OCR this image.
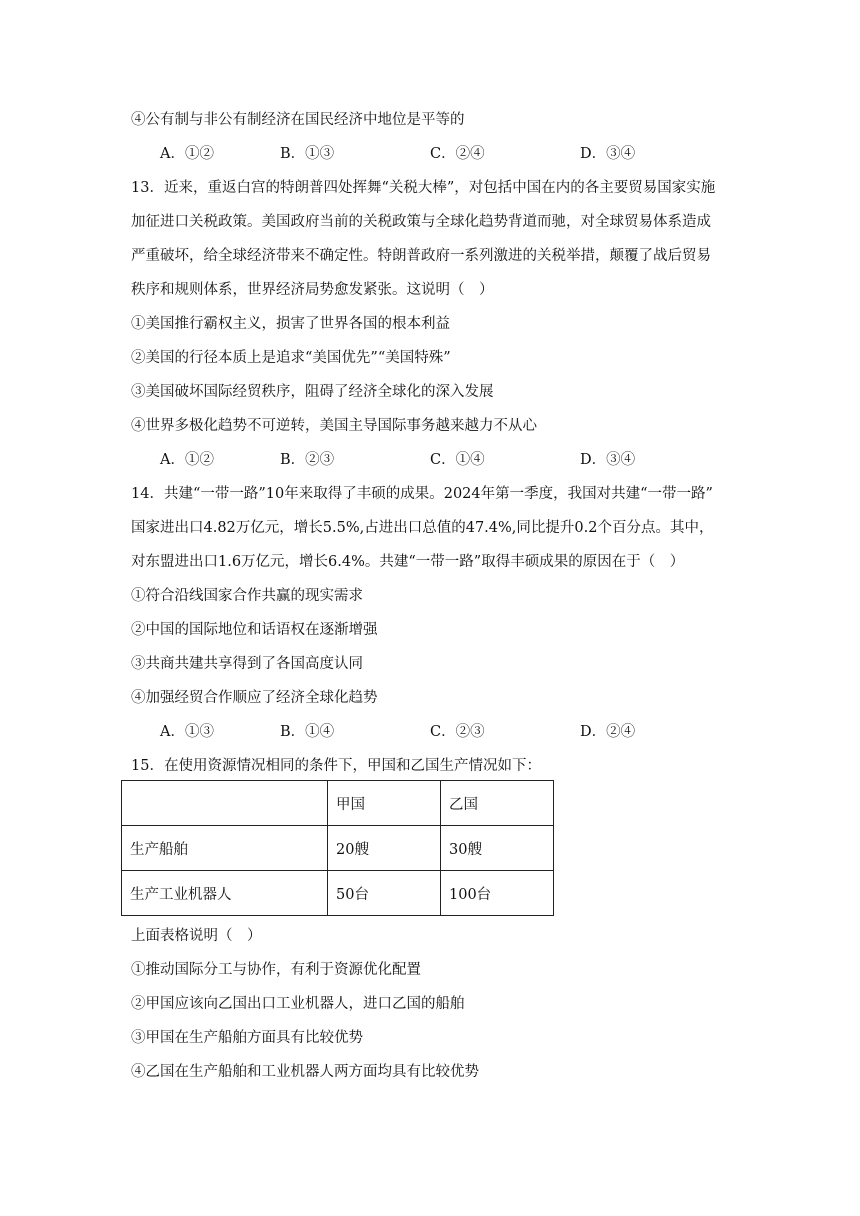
④公有制与非公有制经济在国民经济中地位是平等的
A．①②	B．①③	C．②④	D．③④
13．近来，重返白宫的特朗普四处挥舞“关税大棒”，对包括中国在内的各主要贸易国家实施
加征进口关税政策。美国政府当前的关税政策与全球化趋势背道而驰，对全球贸易体系造成
严重破坏，给全球经济带来不确定性。特朗普政府一系列激进的关税举措，颠覆了战后贸易
秩序和规则体系，世界经济局势愈发紧张。这说明（　）
①美国推行霸权主义，损害了世界各国的根本利益
②美国的行径本质上是追求“美国优先”“美国特殊”
③美国破坏国际经贸秩序，阻碍了经济全球化的深入发展
④世界多极化趋势不可逆转，美国主导国际事务越来越力不从心
A．①②	B．②③	C．①④	D．③④
14．共建“一带一路”10年来取得了丰硕的成果。2024年第一季度，我国对共建“一带一路”
国家进出口4.82万亿元，增长5.5%,占进出口总值的47.4%,同比提升0.2个百分点。其中，
对东盟进出口1.6万亿元，增长6.4%。共建“一带一路”取得丰硕成果的原因在于（　）
①符合沿线国家合作共赢的现实需求
②中国的国际地位和话语权在逐渐增强
③共商共建共享得到了各国高度认同
④加强经贸合作顺应了经济全球化趋势
A．①③	B．①④	C．②③	D．②④
15．在使用资源情况相同的条件下，甲国和乙国生产情况如下：
	甲国	乙国
生产船舶	20艘	30艘
生产工业机器人	50台	100台
上面表格说明（　）
①推动国际分工与协作，有利于资源优化配置
②甲国应该向乙国出口工业机器人，进口乙国的船舶
③甲国在生产船舶方面具有比较优势
④乙国在生产船舶和工业机器人两方面均具有比较优势
